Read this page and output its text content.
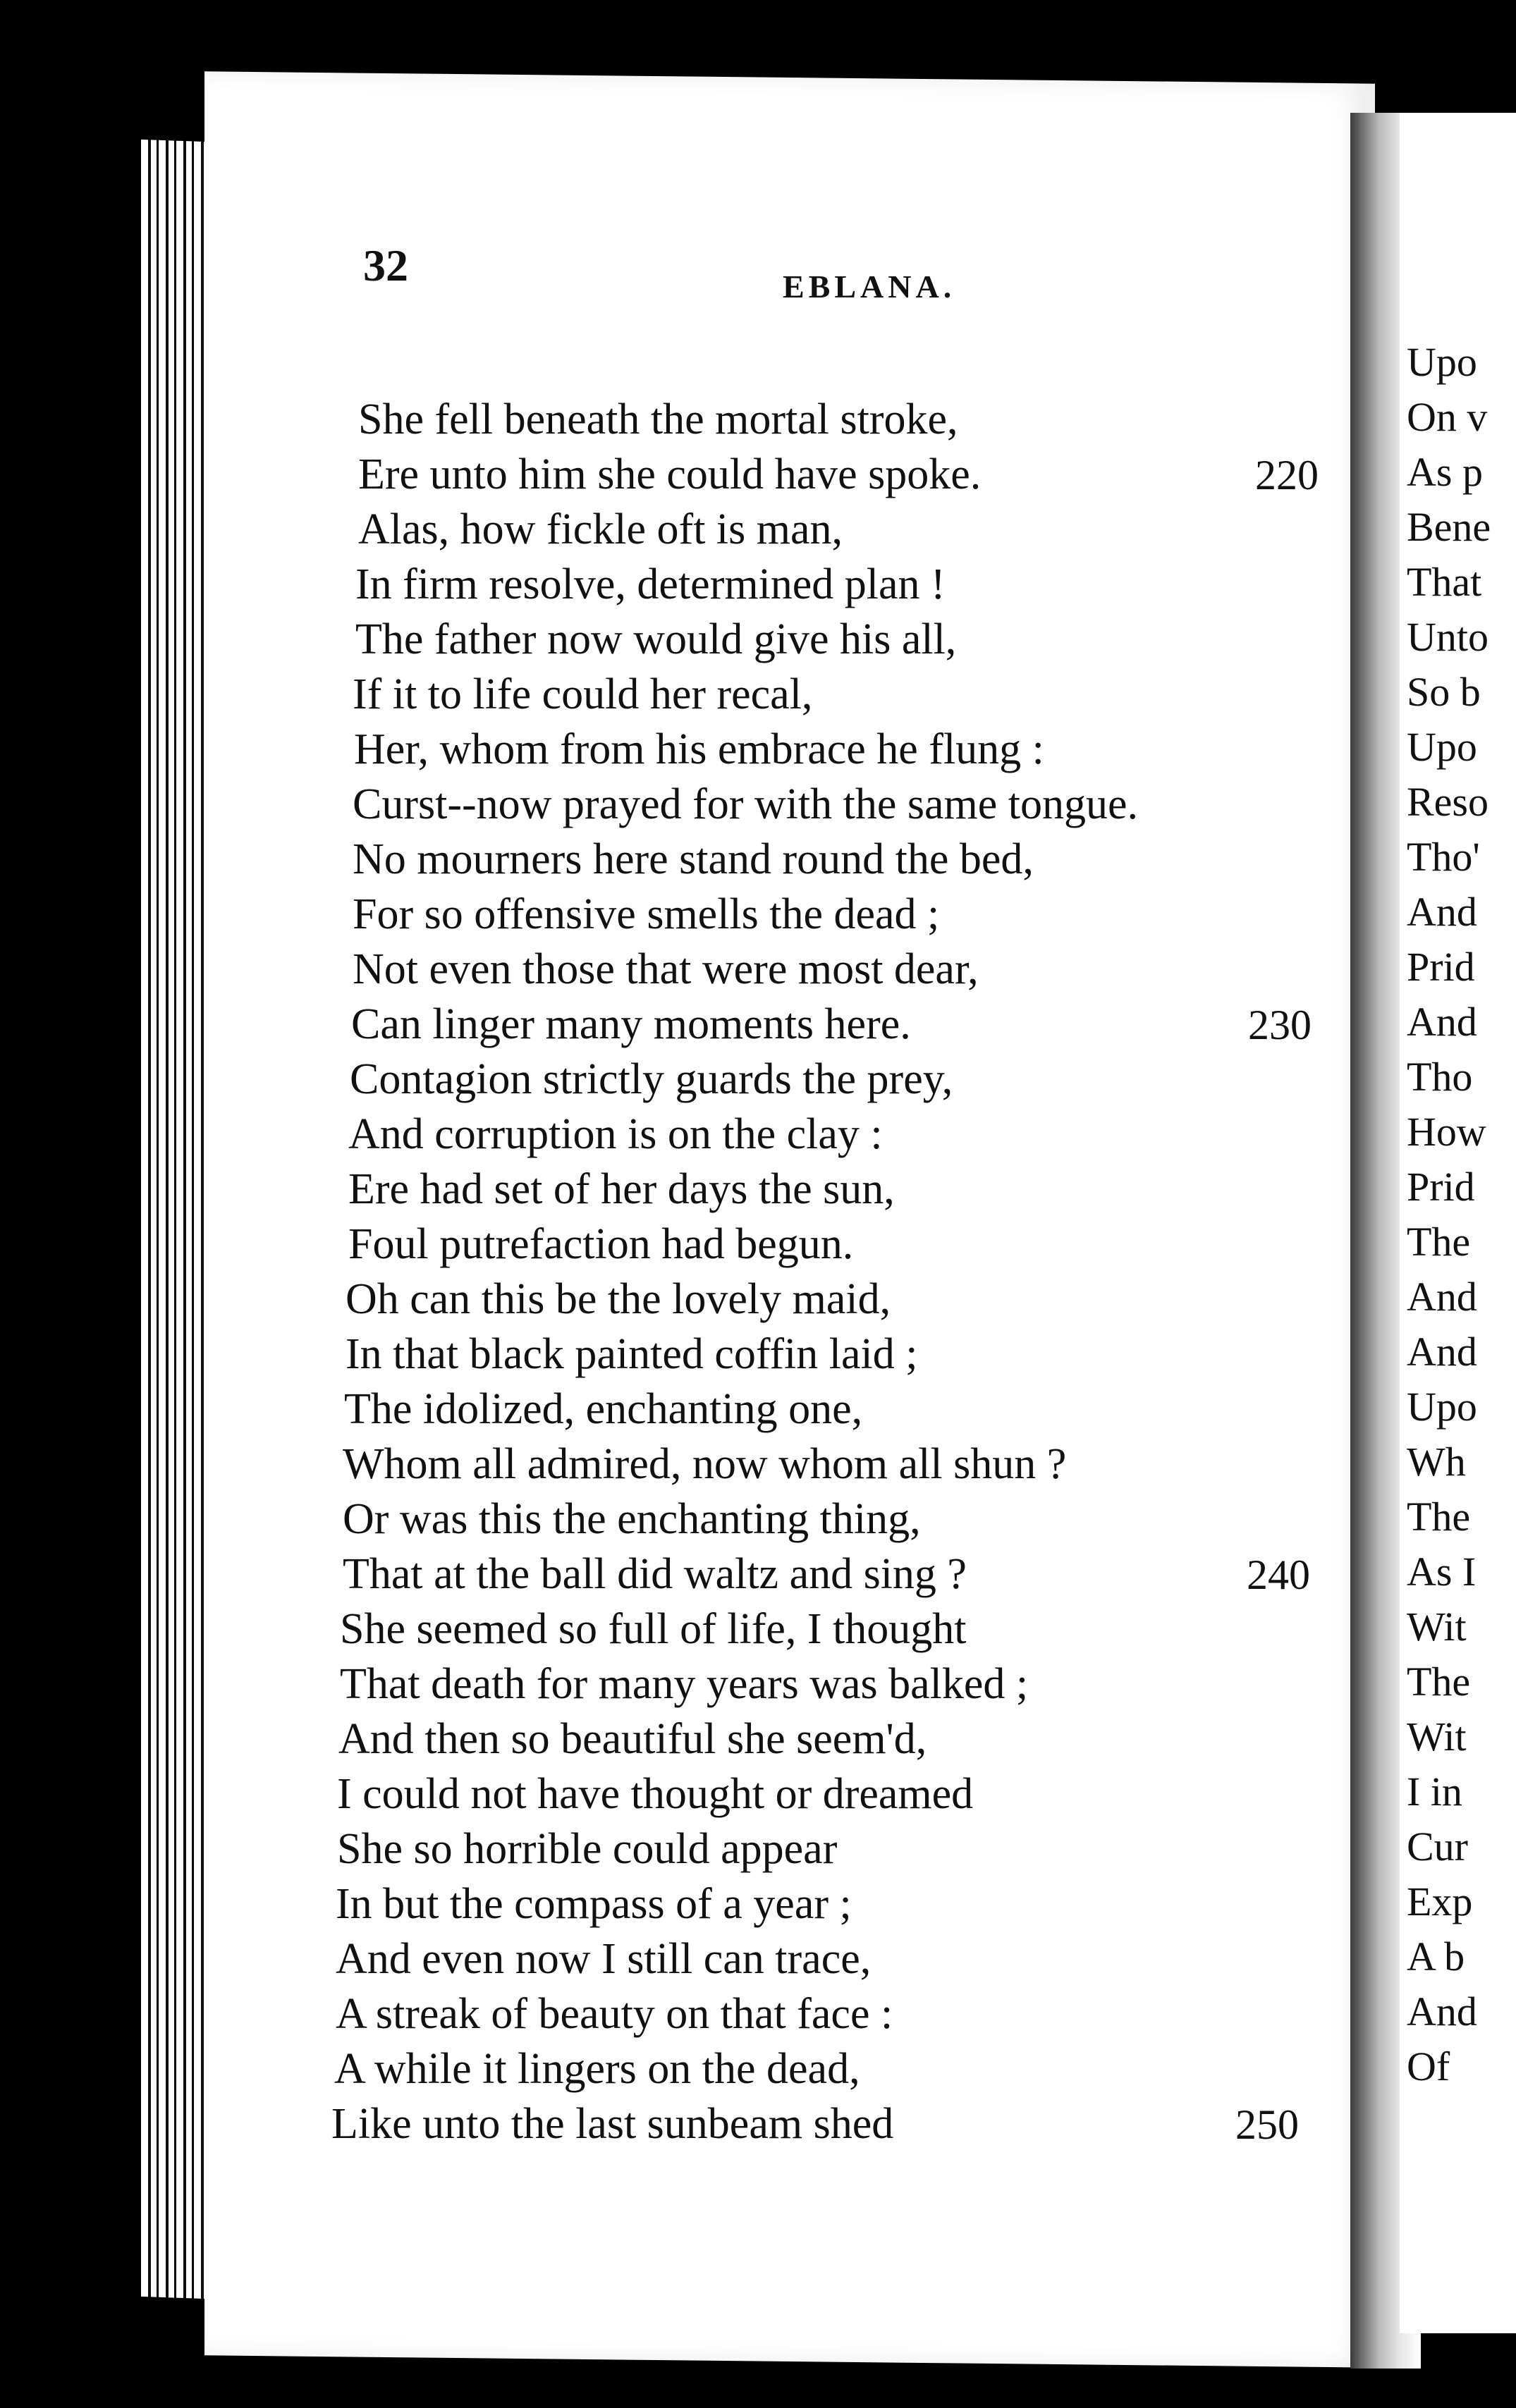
Upo
On v
As p
Bene
That
Unto
So b
Upo
Reso
Tho'
And
Prid
And
Tho
How
Prid
The
And
And
Upo
Wh
The
As I
Wit
The
Wit
I in
Cur
Exp
A b
And
Of
32	EBLANA.
She fell beneath the mortal stroke,
Ere unto him she could have spoke.
Alas, how fickle oft is man,
In firm resolve, determined plan !
The father now would give his all,
If it to life could her recal,
Her, whom from his embrace he flung :
Curst--now prayed for with the same tongue.
No mourners here stand round the bed,
For so offensive smells the dead ;
Not even those that were most dear,
Can linger many moments here.
Contagion strictly guards the prey,
And corruption is on the clay :
Ere had set of her days the sun,
Foul putrefaction had begun.
Oh can this be the lovely maid,
In that black painted coffin laid ;
The idolized, enchanting one,
Whom all admired, now whom all shun ?
Or was this the enchanting thing,
That at the ball did waltz and sing ?
She seemed so full of life, I thought
That death for many years was balked ;
And then so beautiful she seem'd,
I could not have thought or dreamed
She so horrible could appear
In but the compass of a year ;
And even now I still can trace,
A streak of beauty on that face :
A while it lingers on the dead,
Like unto the last sunbeam shed
220
230
240
250
